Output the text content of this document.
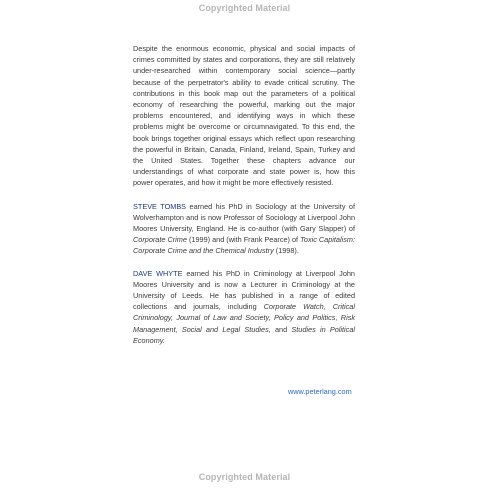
Copyrighted Material

Despite the enormous economic, physical and social impacts of crimes committed by states and corporations, they are still relatively under-researched within contemporary social science—partly because of the perpetrator's ability to evade critical scrutiny. The contributions in this book map out the parameters of a political economy of researching the powerful, marking out the major problems encountered, and identifying ways in which these problems might be overcome or circumnavigated. To this end, the book brings together original essays which reflect upon researching the powerful in Britain, Canada, Finland, Ireland, Spain, Turkey and the United States. Together these chapters advance our understandings of what corporate and state power is, how this power operates, and how it might be more effectively resisted.

STEVE TOMBS earned his PhD in Sociology at the University of Wolverhampton and is now Professor of Sociology at Liverpool John Moores University, England. He is co-author (with Gary Slapper) of Corporate Crime (1999) and (with Frank Pearce) of Toxic Capitalism: Corporate Crime and the Chemical Industry (1998).

DAVE WHYTE earned his PhD in Criminology at Liverpool John Moores University and is now a Lecturer in Criminology at the University of Leeds. He has published in a range of edited collections and journals, including Corporate Watch, Critical Criminology, Journal of Law and Society, Policy and Politics, Risk Management, Social and Legal Studies, and Studies in Political Economy.

www.peterlang.com
Copyrighted Material
